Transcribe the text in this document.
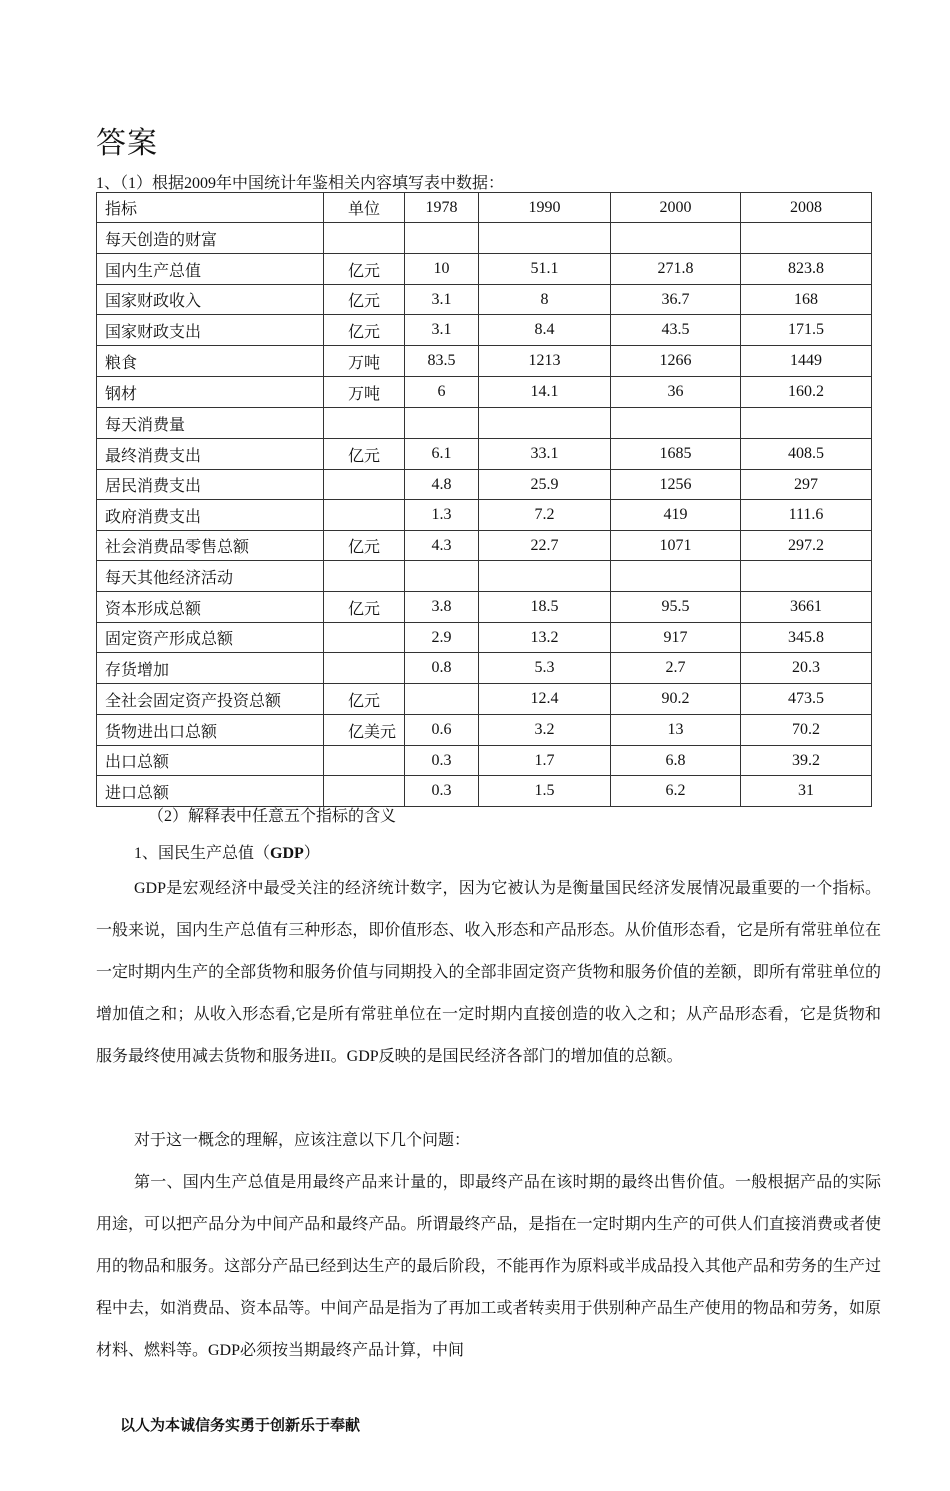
答案
1、（1）根据2009年中国统计年鉴相关内容填写表中数据：
指标	单位	1978	1990	2000	2008
每天创造的财富					
国内生产总值	亿元	10	51.1	271.8	823.8
国家财政收入	亿元	3.1	8	36.7	168
国家财政支出	亿元	3.1	8.4	43.5	171.5
粮食	万吨	83.5	1213	1266	1449
钢材	万吨	6	14.1	36	160.2
每天消费量					
最终消费支出	亿元	6.1	33.1	1685	408.5
居民消费支出		4.8	25.9	1256	297
政府消费支出		1.3	7.2	419	111.6
社会消费品零售总额	亿元	4.3	22.7	1071	297.2
每天其他经济活动					
资本形成总额	亿元	3.8	18.5	95.5	3661
固定资产形成总额		2.9	13.2	917	345.8
存货增加		0.8	5.3	2.7	20.3
全社会固定资产投资总额	亿元		12.4	90.2	473.5
货物进出口总额	亿美元	0.6	3.2	13	70.2
出口总额		0.3	1.7	6.8	39.2
进口总额		0.3	1.5	6.2	31
（2）解释表中任意五个指标的含义
1、国民生产总值（GDP）

GDP是宏观经济中最受关注的经济统计数字，因为它被认为是衡量国民经济发展情况最重要的一个指标。一般来说，国内生产总值有三种形态，即价值形态、收入形态和产品形态。从价值形态看，它是所有常驻单位在一定时期内生产的全部货物和服务价值与同期投入的全部非固定资产货物和服务价值的差额，即所有常驻单位的增加值之和；从收入形态看,它是所有常驻单位在一定时期内直接创造的收入之和；从产品形态看，它是货物和服务最终使用减去货物和服务进II。GDP反映的是国民经济各部门的增加值的总额。

对于这一概念的理解，应该注意以下几个问题：

第一、国内生产总值是用最终产品来计量的，即最终产品在该时期的最终出售价值。一般根据产品的实际用途，可以把产品分为中间产品和最终产品。所谓最终产品，是指在一定时期内生产的可供人们直接消费或者使用的物品和服务。这部分产品已经到达生产的最后阶段，不能再作为原料或半成品投入其他产品和劳务的生产过程中去，如消费品、资本品等。中间产品是指为了再加工或者转卖用于供别种产品生产使用的物品和劳务，如原材料、燃料等。GDP必须按当期最终产品计算，中间

以人为本诚信务实勇于创新乐于奉献
